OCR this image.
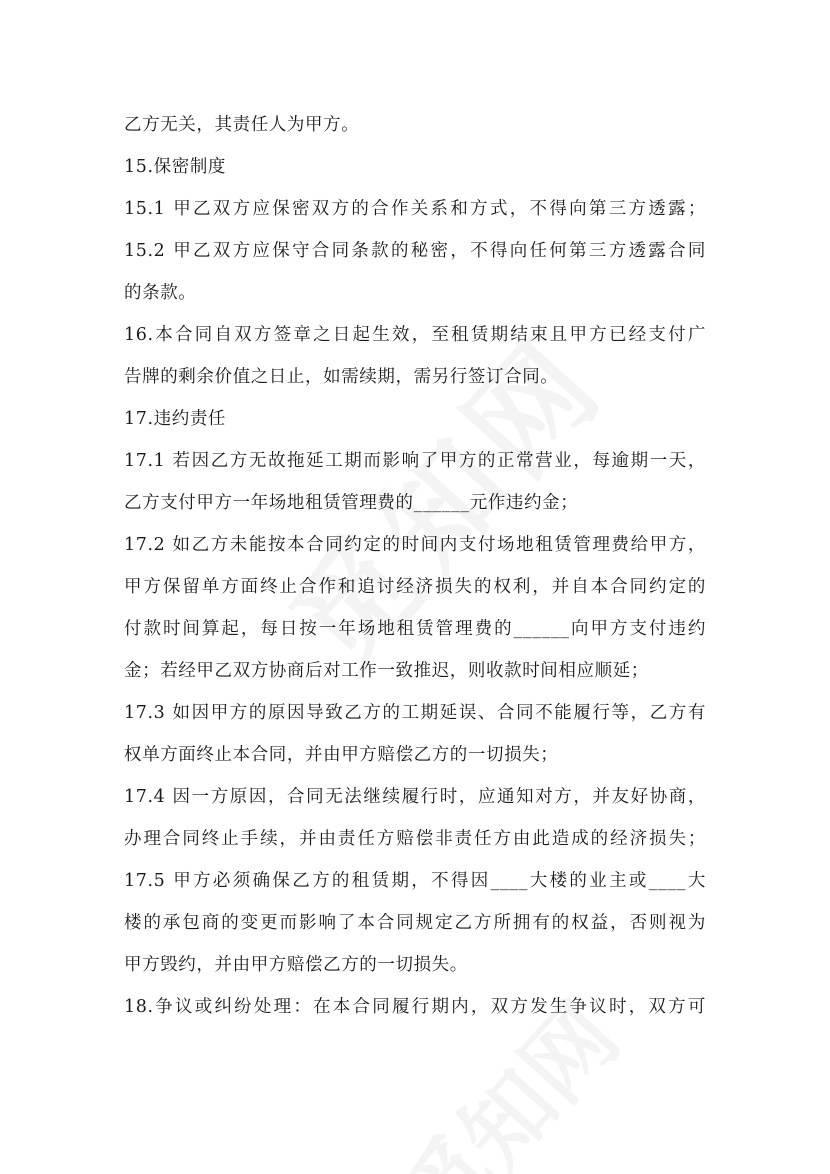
乙方无关，其责任人为甲方。
15.保密制度
15.1 甲乙双方应保密双方的合作关系和方式，不得向第三方透露；
15.2 甲乙双方应保守合同条款的秘密，不得向任何第三方透露合同
的条款。
16.本合同自双方签章之日起生效，至租赁期结束且甲方已经支付广
告牌的剩余价值之日止，如需续期，需另行签订合同。
17.违约责任
17.1 若因乙方无故拖延工期而影响了甲方的正常营业，每逾期一天，
乙方支付甲方一年场地租赁管理费的______元作违约金；
17.2 如乙方未能按本合同约定的时间内支付场地租赁管理费给甲方，
甲方保留单方面终止合作和追讨经济损失的权利，并自本合同约定的
付款时间算起，每日按一年场地租赁管理费的______向甲方支付违约
金；若经甲乙双方协商后对工作一致推迟，则收款时间相应顺延；
17.3 如因甲方的原因导致乙方的工期延误、合同不能履行等，乙方有
权单方面终止本合同，并由甲方赔偿乙方的一切损失；
17.4 因一方原因，合同无法继续履行时，应通知对方，并友好协商，
办理合同终止手续，并由责任方赔偿非责任方由此造成的经济损失；
17.5 甲方必须确保乙方的租赁期，不得因____大楼的业主或____大
楼的承包商的变更而影响了本合同规定乙方所拥有的权益，否则视为
甲方毁约，并由甲方赔偿乙方的一切损失。
18.争议或纠纷处理：在本合同履行期内，双方发生争议时，双方可
